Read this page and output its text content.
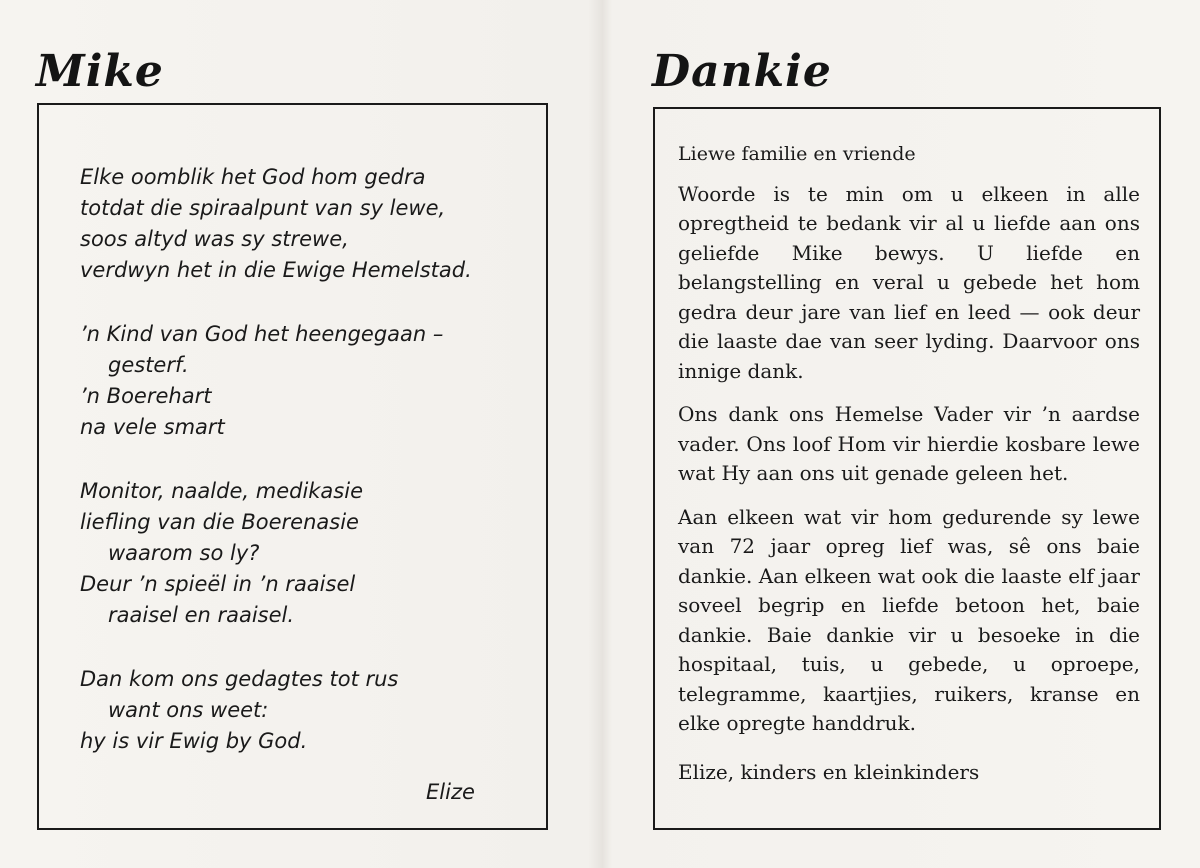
Mike

Elke oomblik het God hom gedra
totdat die spiraalpunt van sy lewe,
soos altyd was sy strewe,
verdwyn het in die Ewige Hemelstad.

’n Kind van God het heengegaan –
gesterf.
’n Boerehart
na vele smart

Monitor, naalde, medikasie
liefling van die Boerenasie
waarom so ly?
Deur ’n spieël in ’n raaisel
raaisel en raaisel.

Dan kom ons gedagtes tot rus
want ons weet:
hy is vir Ewig by God.

Elize
Dankie

Liewe familie en vriende

Woorde is te min om u elkeen in alle opregtheid te bedank vir al u liefde aan ons geliefde Mike bewys. U liefde en belangstelling en veral u gebede het hom gedra deur jare van lief en leed — ook deur die laaste dae van seer lyding. Daarvoor ons innige dank.

Ons dank ons Hemelse Vader vir ’n aardse vader. Ons loof Hom vir hierdie kosbare lewe wat Hy aan ons uit genade geleen het.

Aan elkeen wat vir hom gedurende sy lewe van 72 jaar opreg lief was, sê ons baie dankie. Aan elkeen wat ook die laaste elf jaar soveel begrip en liefde betoon het, baie dankie. Baie dankie vir u besoeke in die hospitaal, tuis, u gebede, u oproepe, telegramme, kaartjies, ruikers, kranse en elke opregte handdruk.

Elize, kinders en kleinkinders
